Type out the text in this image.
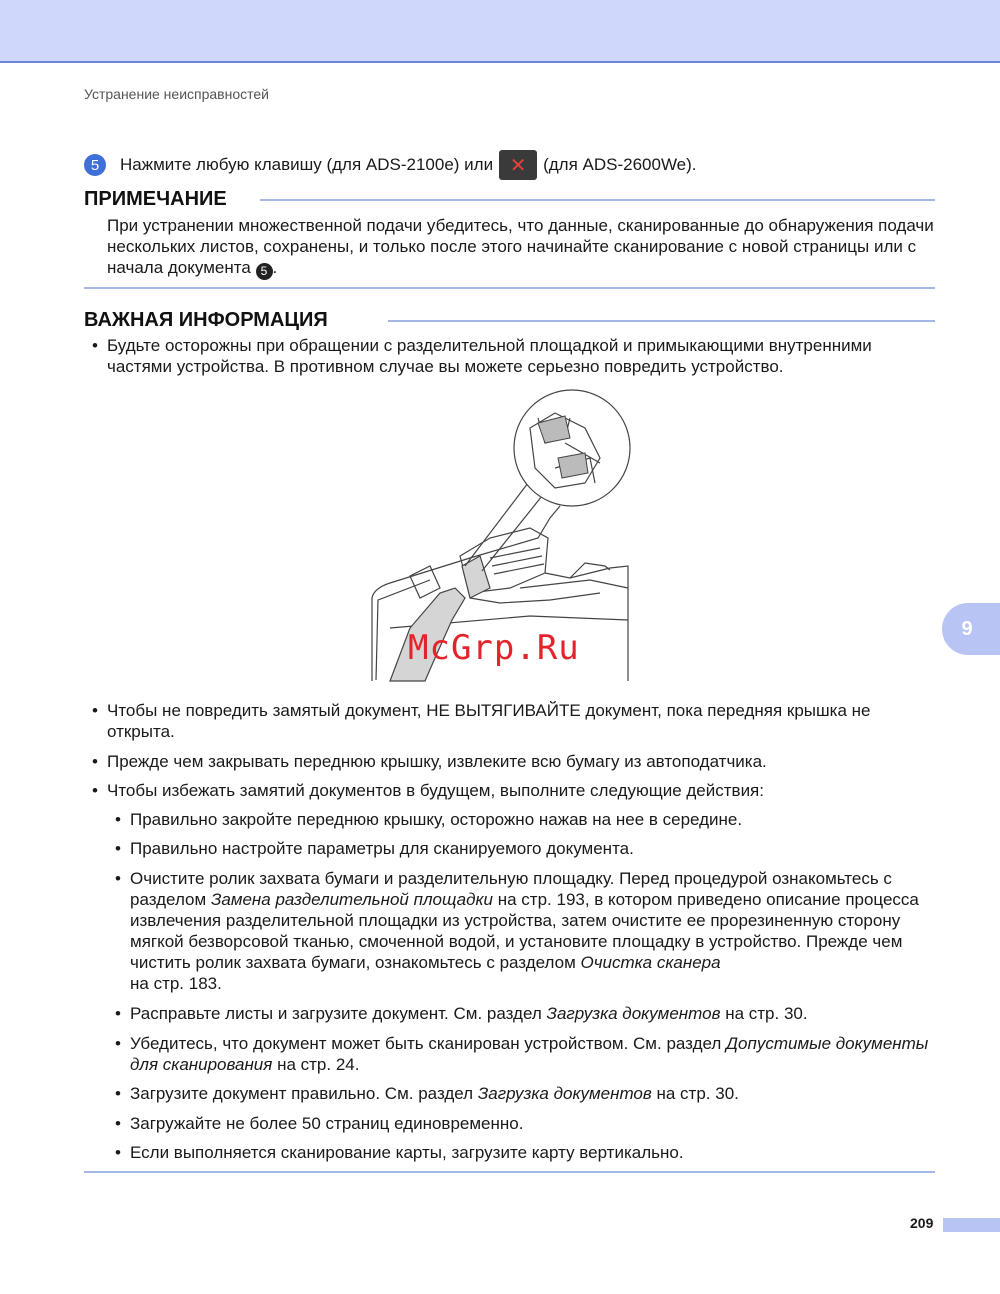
Устранение неисправностей
5	Нажмите любую клавишу (для ADS-2100e) или ✕ (для ADS-2600We).
ПРИМЕЧАНИЕ
При устранении множественной подачи убедитесь, что данные, сканированные до обнаружения подачи нескольких листов, сохранены, и только после этого начинайте сканирование с новой страницы или с начала документа 5 .
ВАЖНАЯ ИНФОРМАЦИЯ
• Будьте осторожны при обращении с разделительной площадкой и примыкающими внутренними частями устройства. В противном случае вы можете серьезно повредить устройство.
McGrp.Ru
• Чтобы не повредить замятый документ, НЕ ВЫТЯГИВАЙТЕ документ, пока передняя крышка не открыта.
• Прежде чем закрывать переднюю крышку, извлеките всю бумагу из автоподатчика.
• Чтобы избежать замятий документов в будущем, выполните следующие действия:
• Правильно закройте переднюю крышку, осторожно нажав на нее в середине.
• Правильно настройте параметры для сканируемого документа.
• Очистите ролик захвата бумаги и разделительную площадку. Перед процедурой ознакомьтесь с разделом Замена разделительной площадки на стр. 193, в котором приведено описание процесса извлечения разделительной площадки из устройства, затем очистите ее прорезиненную сторону мягкой безворсовой тканью, смоченной водой, и установите площадку в устройство. Прежде чем чистить ролик захвата бумаги, ознакомьтесь с разделом Очистка сканера
на стр. 183.
• Расправьте листы и загрузите документ. См. раздел Загрузка документов на стр. 30.
• Убедитесь, что документ может быть сканирован устройством. См. раздел Допустимые документы для сканирования на стр. 24.
• Загрузите документ правильно. См. раздел Загрузка документов на стр. 30.
• Загружайте не более 50 страниц единовременно.
• Если выполняется сканирование карты, загрузите карту вертикально.
9
209
